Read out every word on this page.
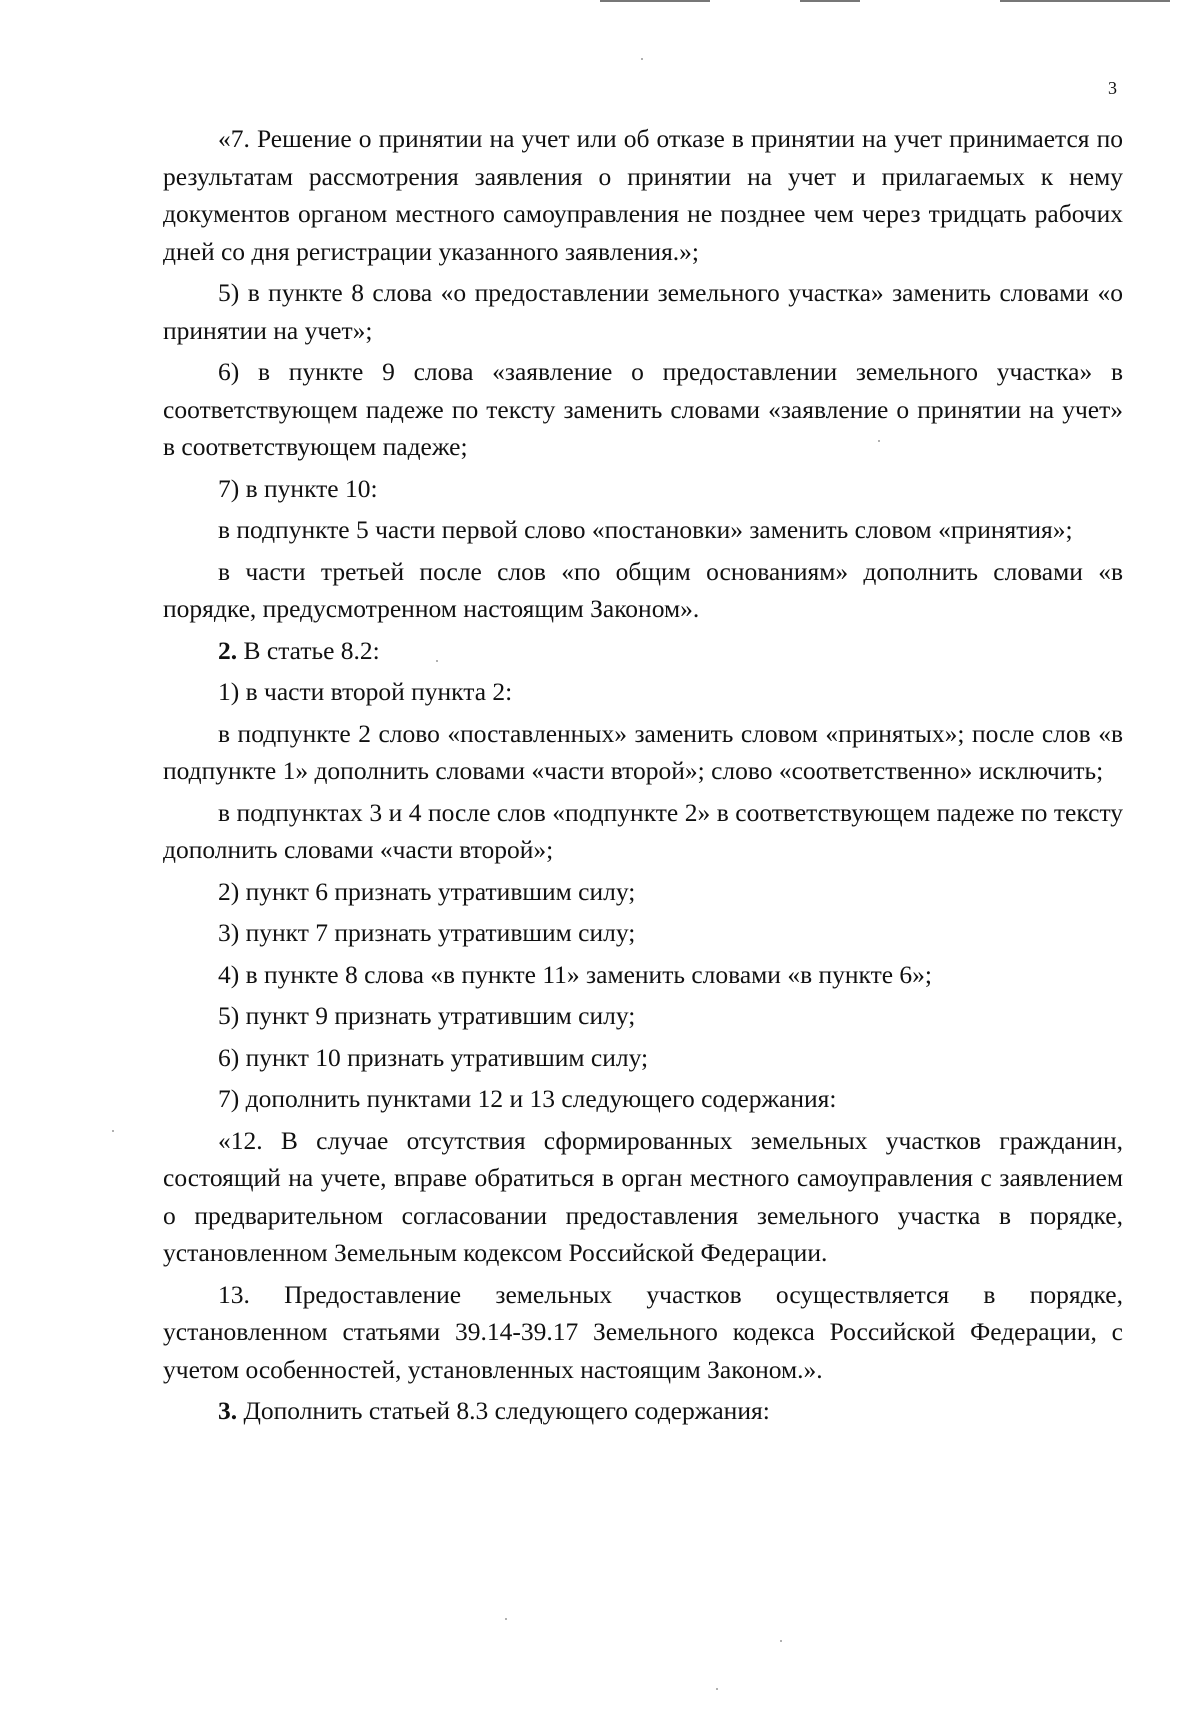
3

«7. Решение о принятии на учет или об отказе в принятии на учет принимается по результатам рассмотрения заявления о принятии на учет и прилагаемых к нему документов органом местного самоуправления не позднее чем через тридцать рабочих дней со дня регистрации указанного заявления.»;

5) в пункте 8 слова «о предоставлении земельного участка» заменить словами «о принятии на учет»;

6) в пункте 9 слова «заявление о предоставлении земельного участка» в соответствующем падеже по тексту заменить словами «заявление о принятии на учет» в соответствующем падеже;

7) в пункте 10:

в подпункте 5 части первой слово «постановки» заменить словом «принятия»;

в части третьей после слов «по общим основаниям» дополнить словами «в порядке, предусмотренном настоящим Законом».

2. В статье 8.2:

1) в части второй пункта 2:

в подпункте 2 слово «поставленных» заменить словом «принятых»; после слов «в подпункте 1» дополнить словами «части второй»; слово «соответственно» исключить;

в подпунктах 3 и 4 после слов «подпункте 2» в соответствующем падеже по тексту дополнить словами «части второй»;

2) пункт 6 признать утратившим силу;

3) пункт 7 признать утратившим силу;

4) в пункте 8 слова «в пункте 11» заменить словами «в пункте 6»;

5) пункт 9 признать утратившим силу;

6) пункт 10 признать утратившим силу;

7) дополнить пунктами 12 и 13 следующего содержания:

«12. В случае отсутствия сформированных земельных участков гражданин, состоящий на учете, вправе обратиться в орган местного самоуправления с заявлением о предварительном согласовании предоставления земельного участка в порядке, установленном Земельным кодексом Российской Федерации.

13. Предоставление земельных участков осуществляется в порядке, установленном статьями 39.14-39.17 Земельного кодекса Российской Федерации, с учетом особенностей, установленных настоящим Законом.».

3. Дополнить статьей 8.3 следующего содержания:
